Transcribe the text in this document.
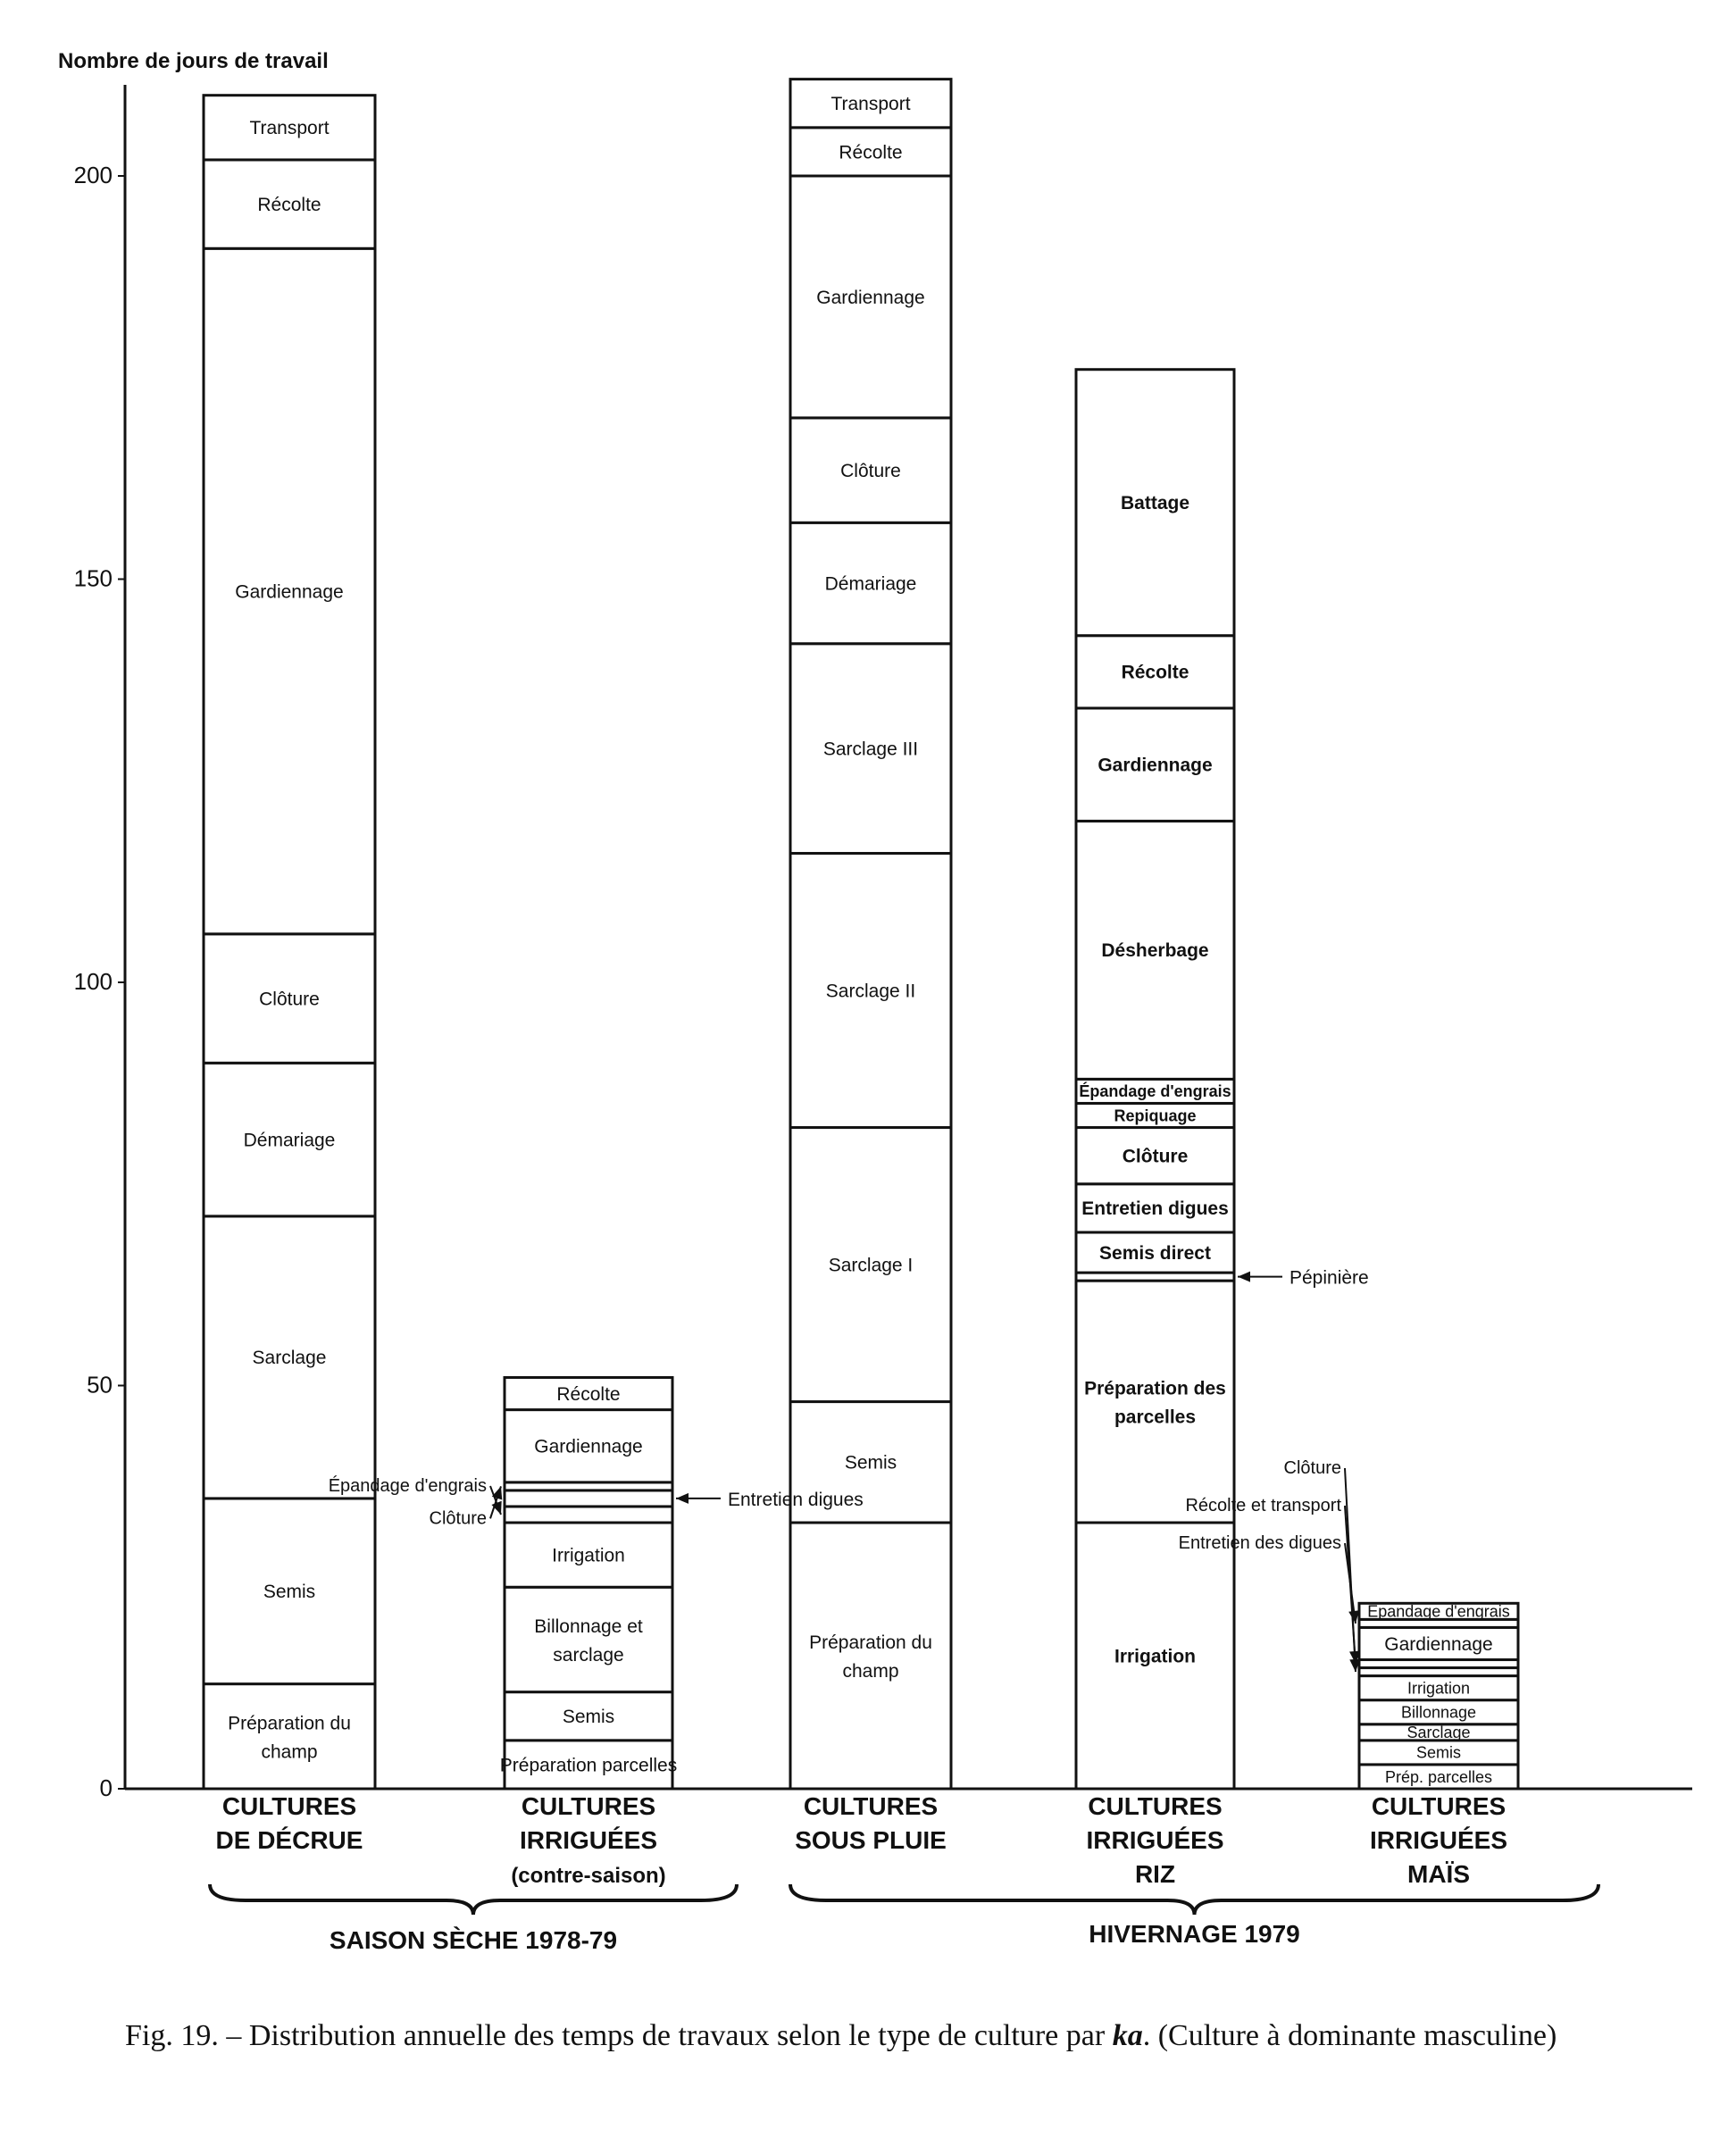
Nombre de jours de travail
0
50
100
150
200
Préparation du
champ
Semis
Sarclage
Démariage
Clôture
Gardiennage
Récolte
Transport
Préparation parcelles
Semis
Billonnage et
sarclage
Irrigation
Gardiennage
Récolte
Préparation du
champ
Semis
Sarclage I
Sarclage II
Sarclage III
Démariage
Clôture
Gardiennage
Récolte
Transport
Irrigation
Préparation des
parcelles
Semis direct
Entretien digues
Clôture
Repiquage
Épandage d'engrais
Désherbage
Gardiennage
Récolte
Battage
Prép. parcelles
Semis
Sarclage
Billonnage
Irrigation
Gardiennage
Épandage d'engrais
Épandage d'engrais
Entretien digues
Clôture
Pépinière
Clôture
Récolte et transport
Entretien des digues
CULTURES
DE DÉCRUE
CULTURES
IRRIGUÉES
(contre-saison)
CULTURES
SOUS PLUIE
CULTURES
IRRIGUÉES
RIZ
CULTURES
IRRIGUÉES
MAÏS
SAISON SÈCHE 1978-79	HIVERNAGE 1979
Fig. 19. – Distribution annuelle des temps de travaux selon le type de culture par ka. (Culture à dominante masculine)
